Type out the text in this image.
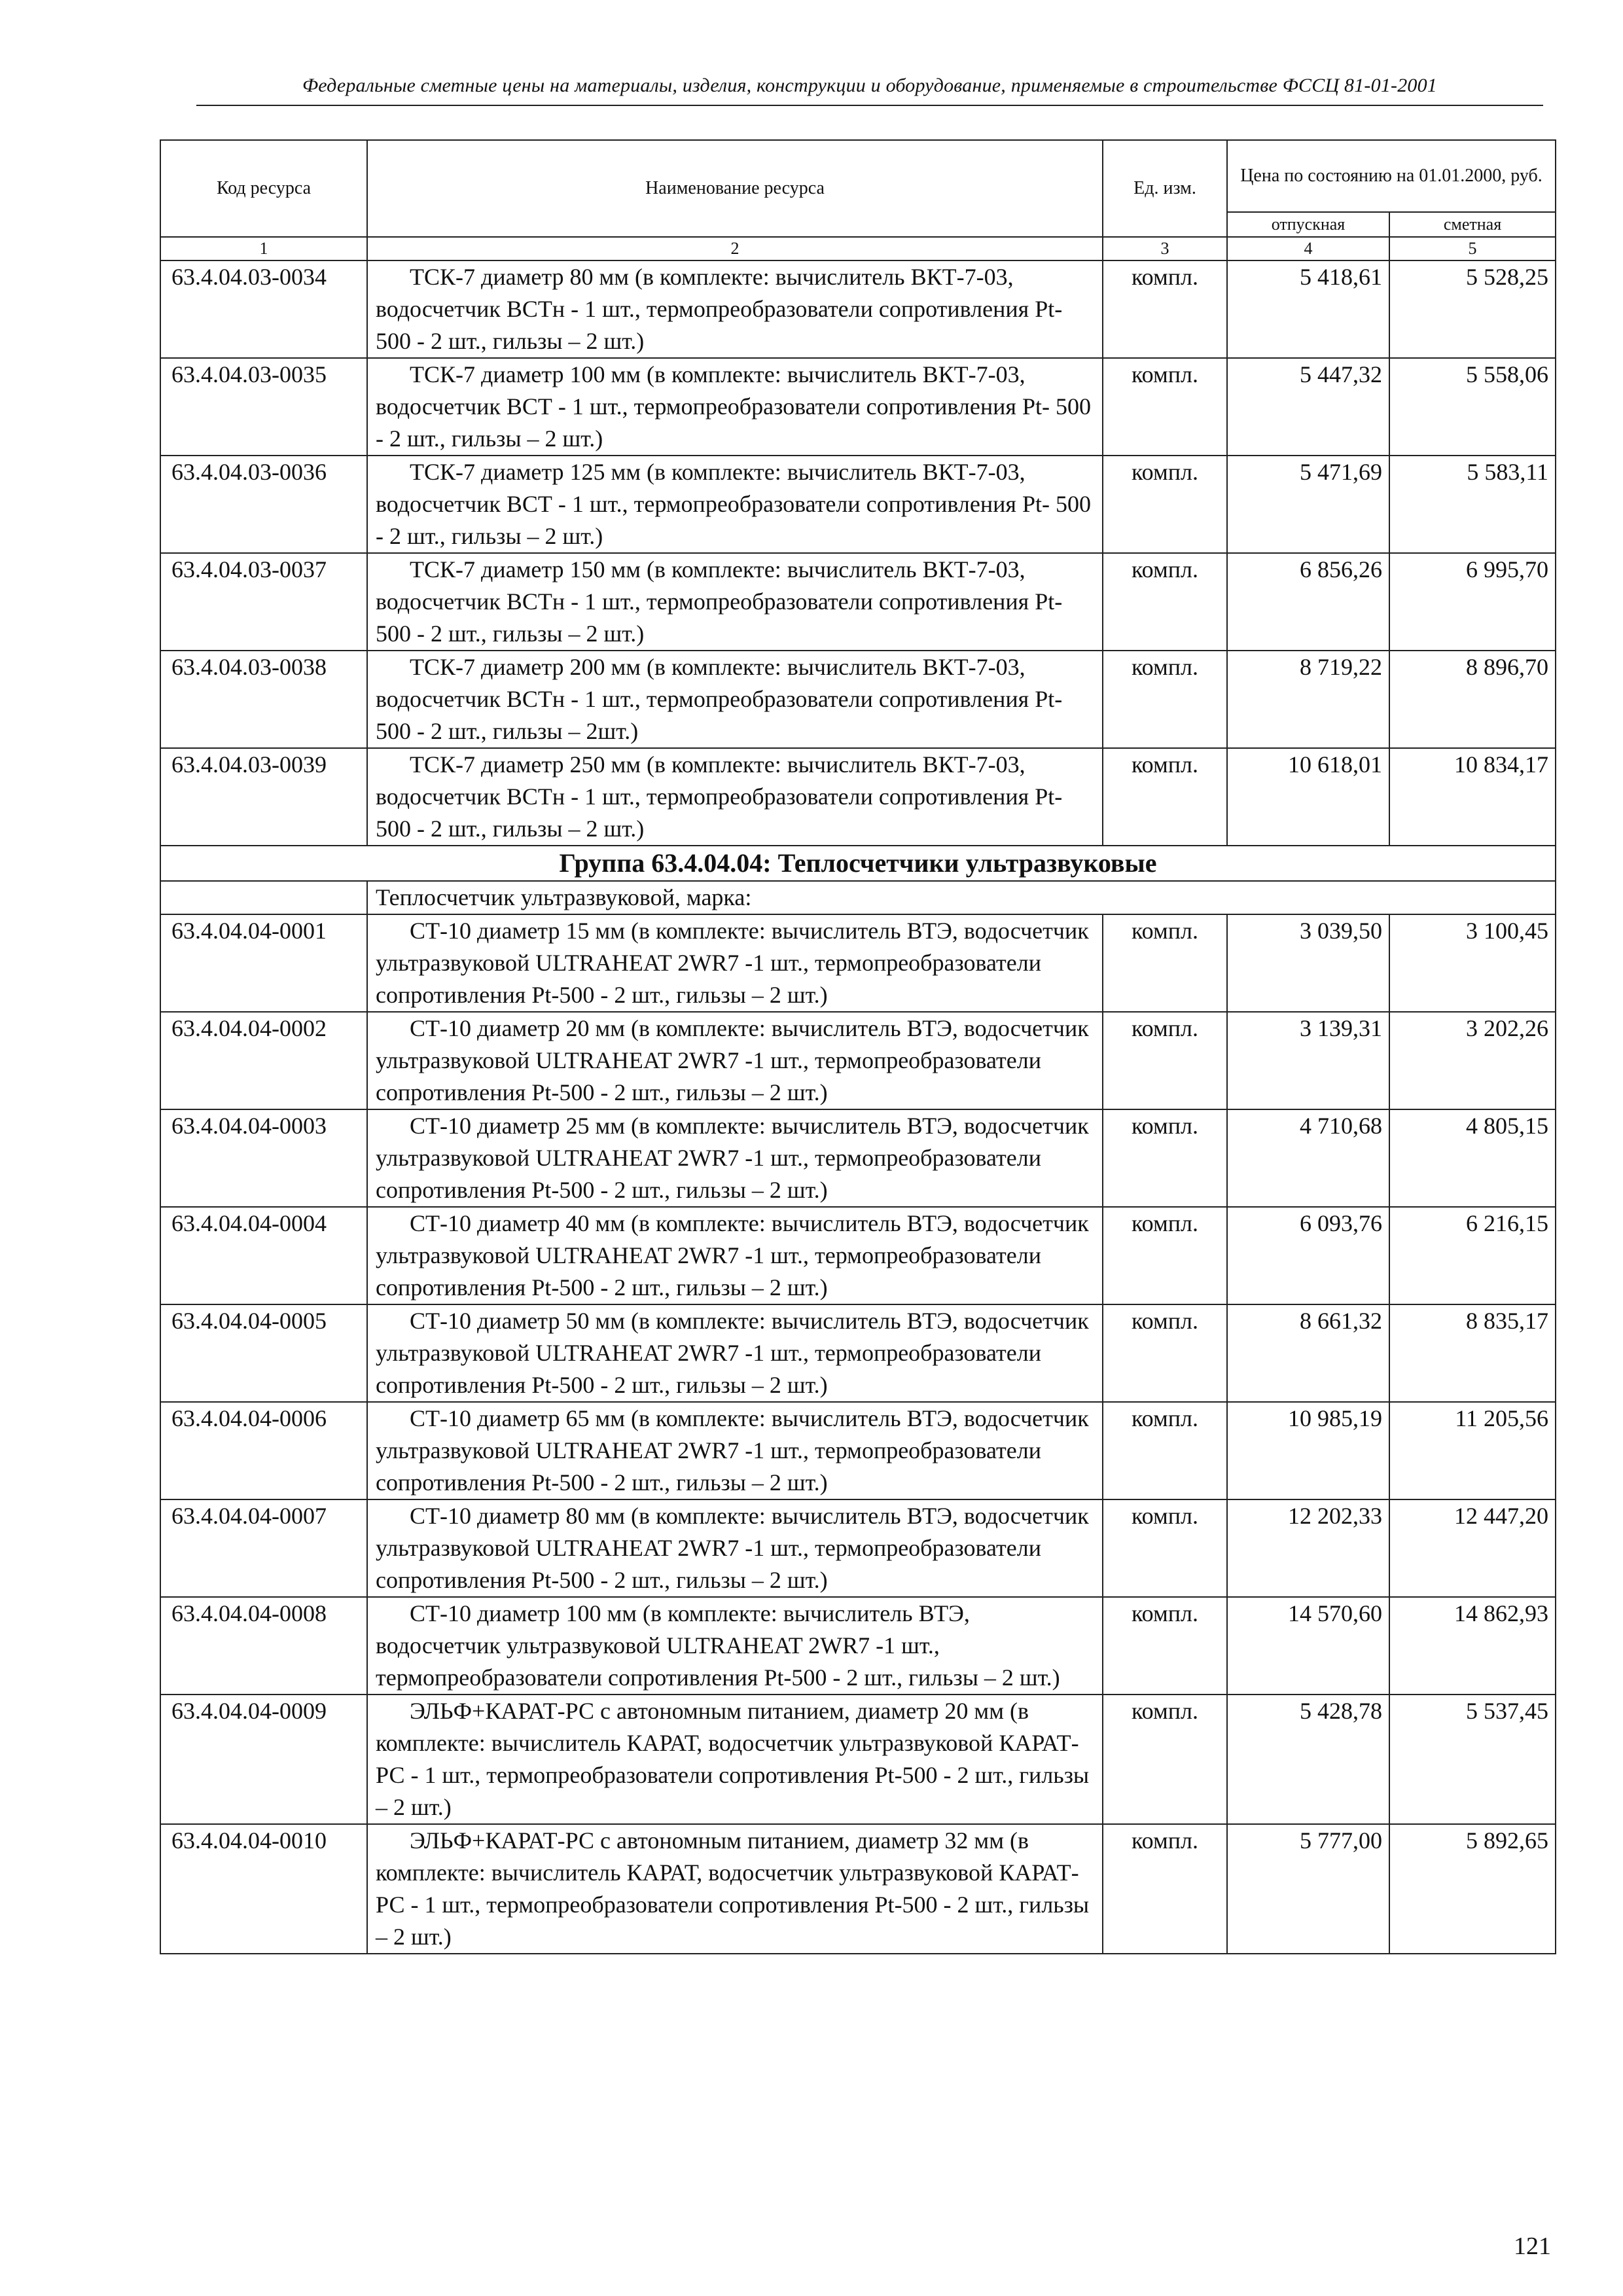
Федеральные сметные цены на материалы, изделия, конструкции и оборудование, применяемые в строительстве ФССЦ 81-01-2001
Код ресурса	Наименование ресурса	Ед. изм.	Цена по состоянию на 01.01.2000, руб.	
			отпускная	сметная
1	2	3	4	5
63.4.04.03-0034	ТСК-7 диаметр 80 мм (в комплекте: вычислитель ВКТ-7-03, водосчетчик ВСТн - 1 шт., термопреобразователи сопротивления Pt-500 - 2 шт., гильзы – 2 шт.)	компл.	5 418,61	5 528,25
63.4.04.03-0035	ТСК-7 диаметр 100 мм (в комплекте: вычислитель ВКТ-7-03, водосчетчик ВСТ - 1 шт., термопреобразователи сопротивления Pt- 500 - 2 шт., гильзы – 2 шт.)	компл.	5 447,32	5 558,06
63.4.04.03-0036	ТСК-7 диаметр 125 мм (в комплекте: вычислитель ВКТ-7-03, водосчетчик ВСТ - 1 шт., термопреобразователи сопротивления Pt- 500 - 2 шт., гильзы – 2 шт.)	компл.	5 471,69	5 583,11
63.4.04.03-0037	ТСК-7 диаметр 150 мм (в комплекте: вычислитель ВКТ-7-03, водосчетчик ВСТн - 1 шт., термопреобразователи сопротивления Pt-500 - 2 шт., гильзы – 2 шт.)	компл.	6 856,26	6 995,70
63.4.04.03-0038	ТСК-7 диаметр 200 мм (в комплекте: вычислитель ВКТ-7-03, водосчетчик ВСТн - 1 шт., термопреобразователи сопротивления Pt-500 - 2 шт., гильзы – 2шт.)	компл.	8 719,22	8 896,70
63.4.04.03-0039	ТСК-7 диаметр 250 мм (в комплекте: вычислитель ВКТ-7-03, водосчетчик ВСТн - 1 шт., термопреобразователи сопротивления Pt-500 - 2 шт., гильзы – 2 шт.)	компл.	10 618,01	10 834,17
Группа 63.4.04.04: Теплосчетчики ультразвуковые				
	Теплосчетчик ультразвуковой, марка:			
63.4.04.04-0001	СТ-10 диаметр 15 мм (в комплекте: вычислитель ВТЭ, водосчетчик ультразвуковой ULTRAHEAT 2WR7 -1 шт., термопреобразователи сопротивления Pt-500 - 2 шт., гильзы – 2 шт.)	компл.	3 039,50	3 100,45
63.4.04.04-0002	СТ-10 диаметр 20 мм (в комплекте: вычислитель ВТЭ, водосчетчик ультразвуковой ULTRAHEAT 2WR7 -1 шт., термопреобразователи сопротивления Pt-500 - 2 шт., гильзы – 2 шт.)	компл.	3 139,31	3 202,26
63.4.04.04-0003	СТ-10 диаметр 25 мм (в комплекте: вычислитель ВТЭ, водосчетчик ультразвуковой ULTRAHEAT 2WR7 -1 шт., термопреобразователи сопротивления Pt-500 - 2 шт., гильзы – 2 шт.)	компл.	4 710,68	4 805,15
63.4.04.04-0004	СТ-10 диаметр 40 мм (в комплекте: вычислитель ВТЭ, водосчетчик ультразвуковой ULTRAHEAT 2WR7 -1 шт., термопреобразователи сопротивления Pt-500 - 2 шт., гильзы – 2 шт.)	компл.	6 093,76	6 216,15
63.4.04.04-0005	СТ-10 диаметр 50 мм (в комплекте: вычислитель ВТЭ, водосчетчик ультразвуковой ULTRAHEAT 2WR7 -1 шт., термопреобразователи сопротивления Pt-500 - 2 шт., гильзы – 2 шт.)	компл.	8 661,32	8 835,17
63.4.04.04-0006	СТ-10 диаметр 65 мм (в комплекте: вычислитель ВТЭ, водосчетчик ультразвуковой ULTRAHEAT 2WR7 -1 шт., термопреобразователи сопротивления Pt-500 - 2 шт., гильзы – 2 шт.)	компл.	10 985,19	11 205,56
63.4.04.04-0007	СТ-10 диаметр 80 мм (в комплекте: вычислитель ВТЭ, водосчетчик ультразвуковой ULTRAHEAT 2WR7 -1 шт., термопреобразователи сопротивления Pt-500 - 2 шт., гильзы – 2 шт.)	компл.	12 202,33	12 447,20
63.4.04.04-0008	СТ-10 диаметр 100 мм (в комплекте: вычислитель ВТЭ, водосчетчик ультразвуковой ULTRAHEAT 2WR7 -1 шт., термопреобразователи сопротивления Pt-500 - 2 шт., гильзы – 2 шт.)	компл.	14 570,60	14 862,93
63.4.04.04-0009	ЭЛЬФ+КАРАТ-РС с автономным питанием, диаметр 20 мм (в комплекте: вычислитель КАРАТ, водосчетчик ультразвуковой КАРАТ-РС - 1 шт., термопреобразователи сопротивления Pt-500 - 2 шт., гильзы – 2 шт.)	компл.	5 428,78	5 537,45
63.4.04.04-0010	ЭЛЬФ+КАРАТ-РС с автономным питанием, диаметр 32 мм (в комплекте: вычислитель КАРАТ, водосчетчик ультразвуковой КАРАТ-РС - 1 шт., термопреобразователи сопротивления Pt-500 - 2 шт., гильзы – 2 шт.)	компл.	5 777,00	5 892,65
121
